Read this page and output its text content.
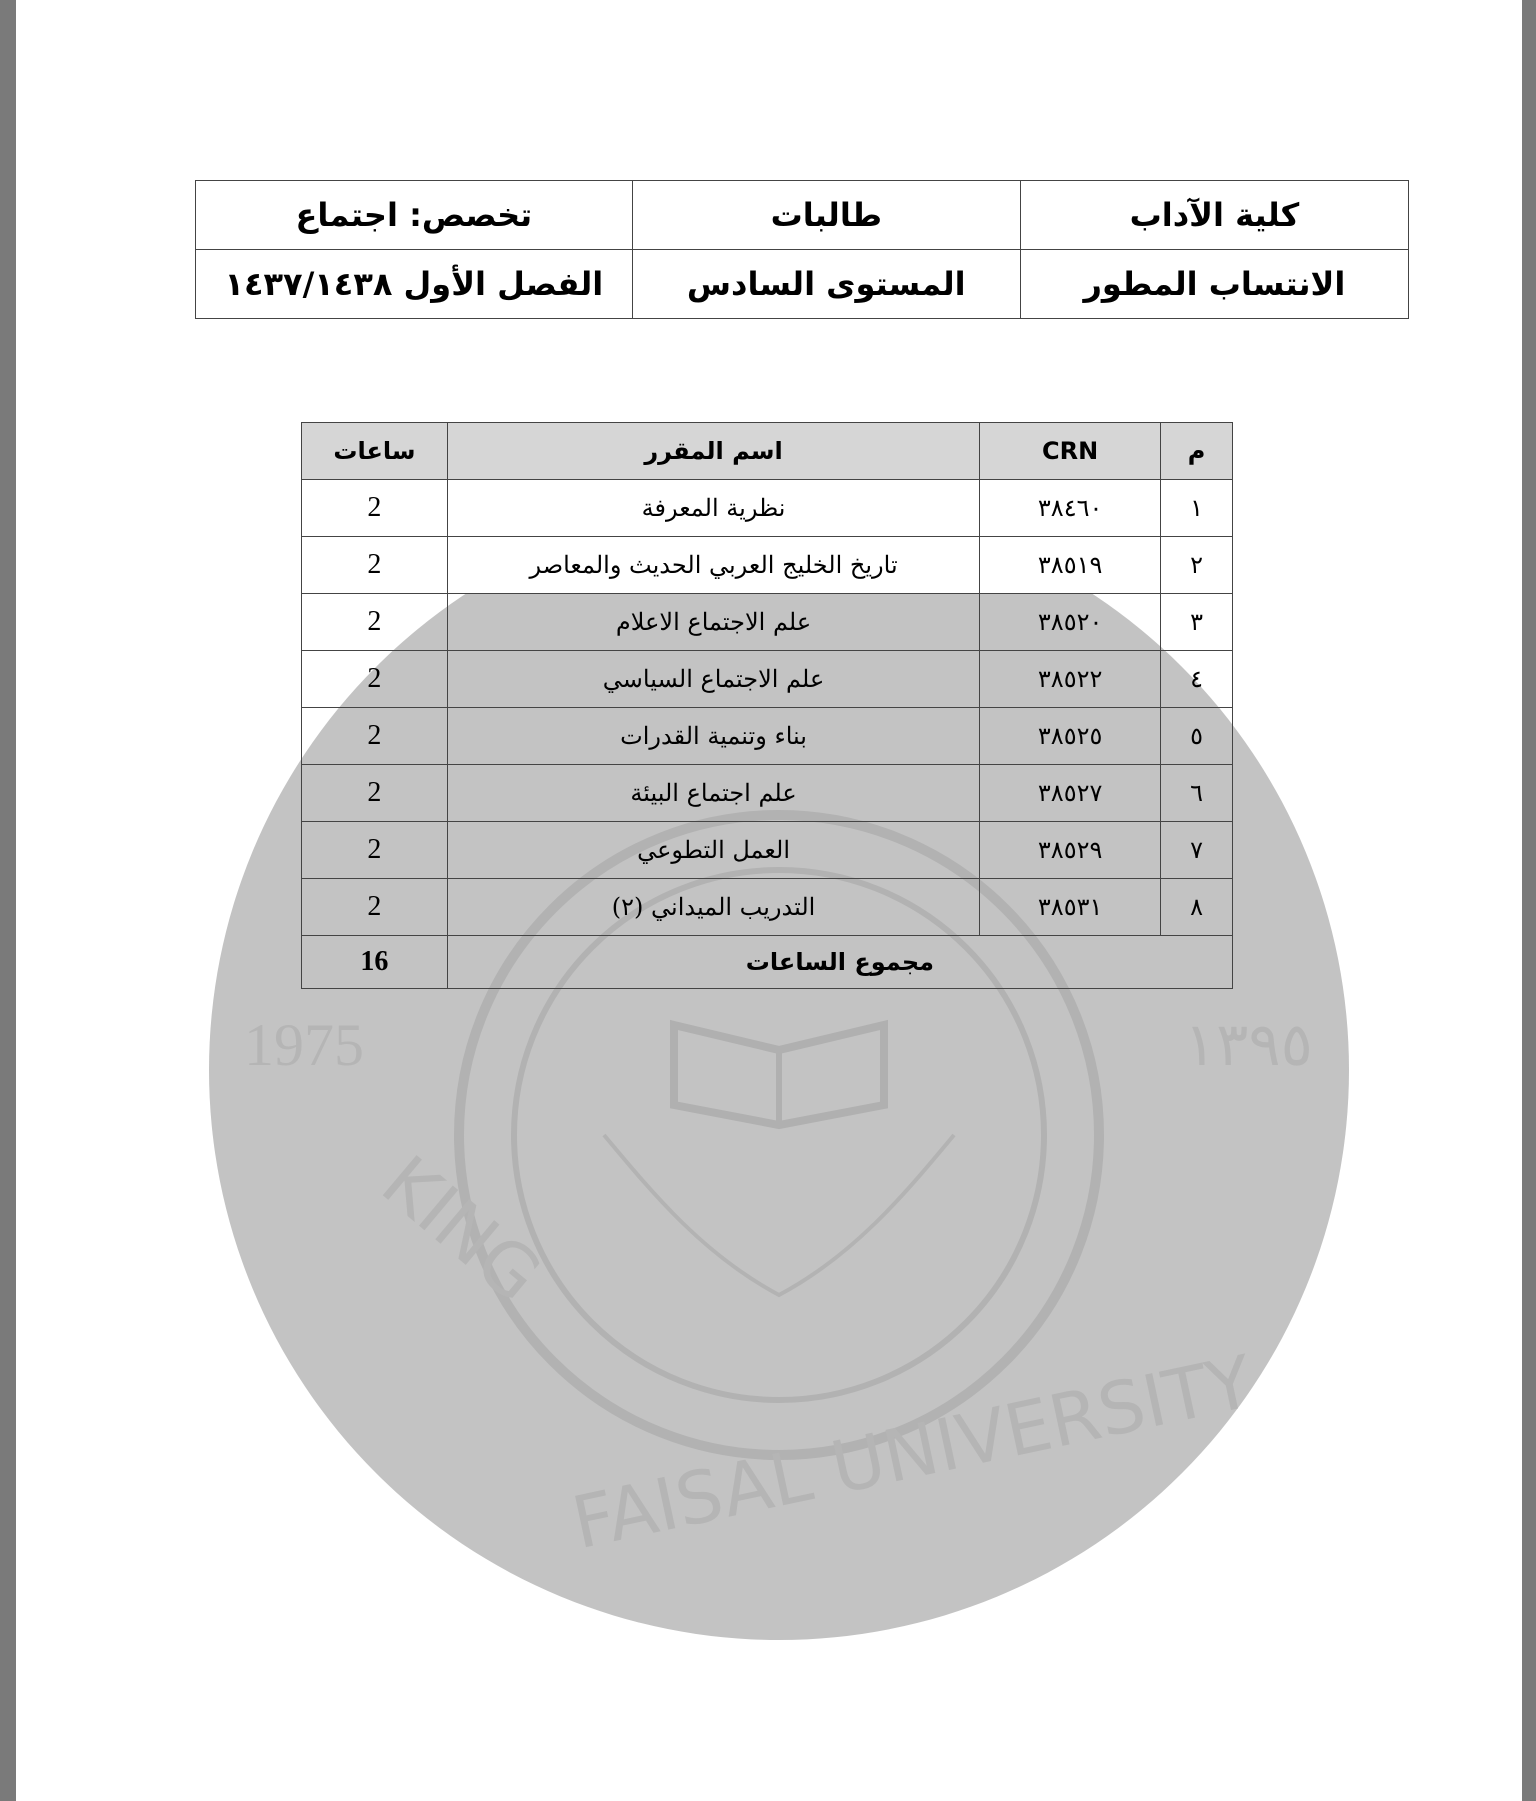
1975	١٣٩٥
KING
FAISAL UNIVERSITY
كلية الآداب	طالبات	تخصص: اجتماع
الانتساب المطور	المستوى السادس	الفصل الأول ١٤٣٧/١٤٣٨
م	CRN	اسم المقرر	ساعات
١	٣٨٤٦٠	نظرية المعرفة	2
٢	٣٨٥١٩	تاريخ الخليج العربي الحديث والمعاصر	2
٣	٣٨٥٢٠	علم الاجتماع الاعلام	2
٤	٣٨٥٢٢	علم الاجتماع السياسي	2
٥	٣٨٥٢٥	بناء وتنمية القدرات	2
٦	٣٨٥٢٧	علم اجتماع البيئة	2
٧	٣٨٥٢٩	العمل التطوعي	2
٨	٣٨٥٣١	التدريب الميداني (٢)	2
مجموع الساعات			16
